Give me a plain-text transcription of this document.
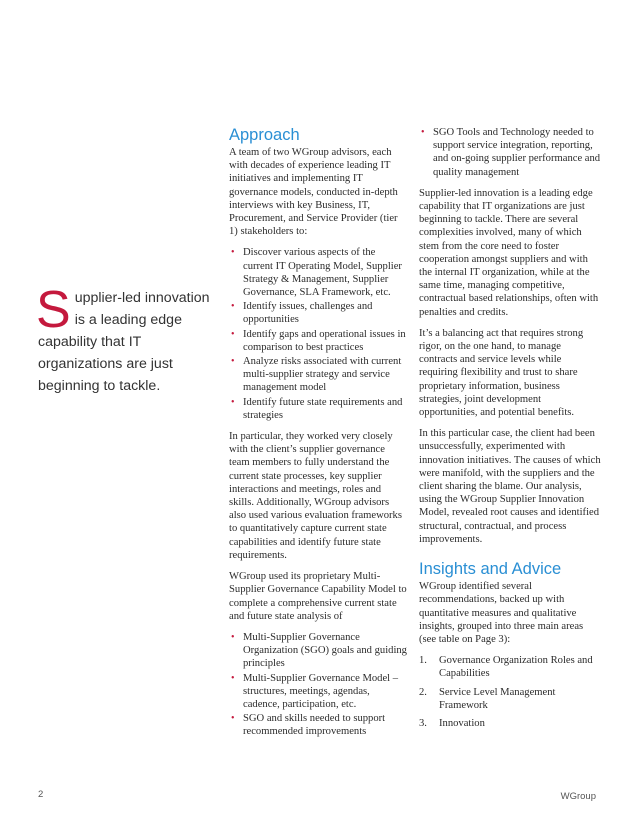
Supplier-led innovation is a leading edge capability that IT organizations are just beginning to tackle.
Approach

A team of two WGroup advisors, each with decades of experience leading IT initiatives and implementing IT governance models, conducted in-depth interviews with key Business, IT, Procurement, and Service Provider (tier 1) stakeholders to:

• Discover various aspects of the current IT Operating Model, Supplier Strategy & Management, Supplier Governance, SLA Framework, etc.
• Identify issues, challenges and opportunities
• Identify gaps and operational issues in comparison to best practices
• Analyze risks associated with current multi-supplier strategy and service management model
• Identify future state requirements and strategies

In particular, they worked very closely with the client’s supplier governance team members to fully understand the current state processes, key supplier interactions and meetings, roles and skills. Additionally, WGroup advisors also used various evaluation frameworks to quantitatively capture current state capabilities and identify future state requirements.

WGroup used its proprietary Multi-Supplier Governance Capability Model to complete a comprehensive current state and future state analysis of

• Multi-Supplier Governance Organization (SGO) goals and guiding principles
• Multi-Supplier Governance Model – structures, meetings, agendas, cadence, participation, etc.
• SGO and skills needed to support recommended improvements
• SGO Tools and Technology needed to support service integration, reporting, and on-going supplier performance and quality management

Supplier-led innovation is a leading edge capability that IT organizations are just beginning to tackle. There are several complexities involved, many of which stem from the core need to foster cooperation amongst suppliers and with the internal IT organization, while at the same time, managing competitive, contractual based relationships, often with penalties and credits.

It’s a balancing act that requires strong rigor, on the one hand, to manage contracts and service levels while requiring flexibility and trust to share proprietary information, business strategies, joint development opportunities, and potential benefits.

In this particular case, the client had been unsuccessfully, experimented with innovation initiatives. The causes of which were manifold, with the suppliers and the client sharing the blame. Our analysis, using the WGroup Supplier Innovation Model, revealed root causes and identified structural, contractual, and process improvements.

Insights and Advice

WGroup identified several recommendations, backed up with quantitative measures and qualitative insights, grouped into three main areas (see table on Page 3):

1. Governance Organization Roles and Capabilities
2. Service Level Management Framework
3. Innovation
2	WGroup
